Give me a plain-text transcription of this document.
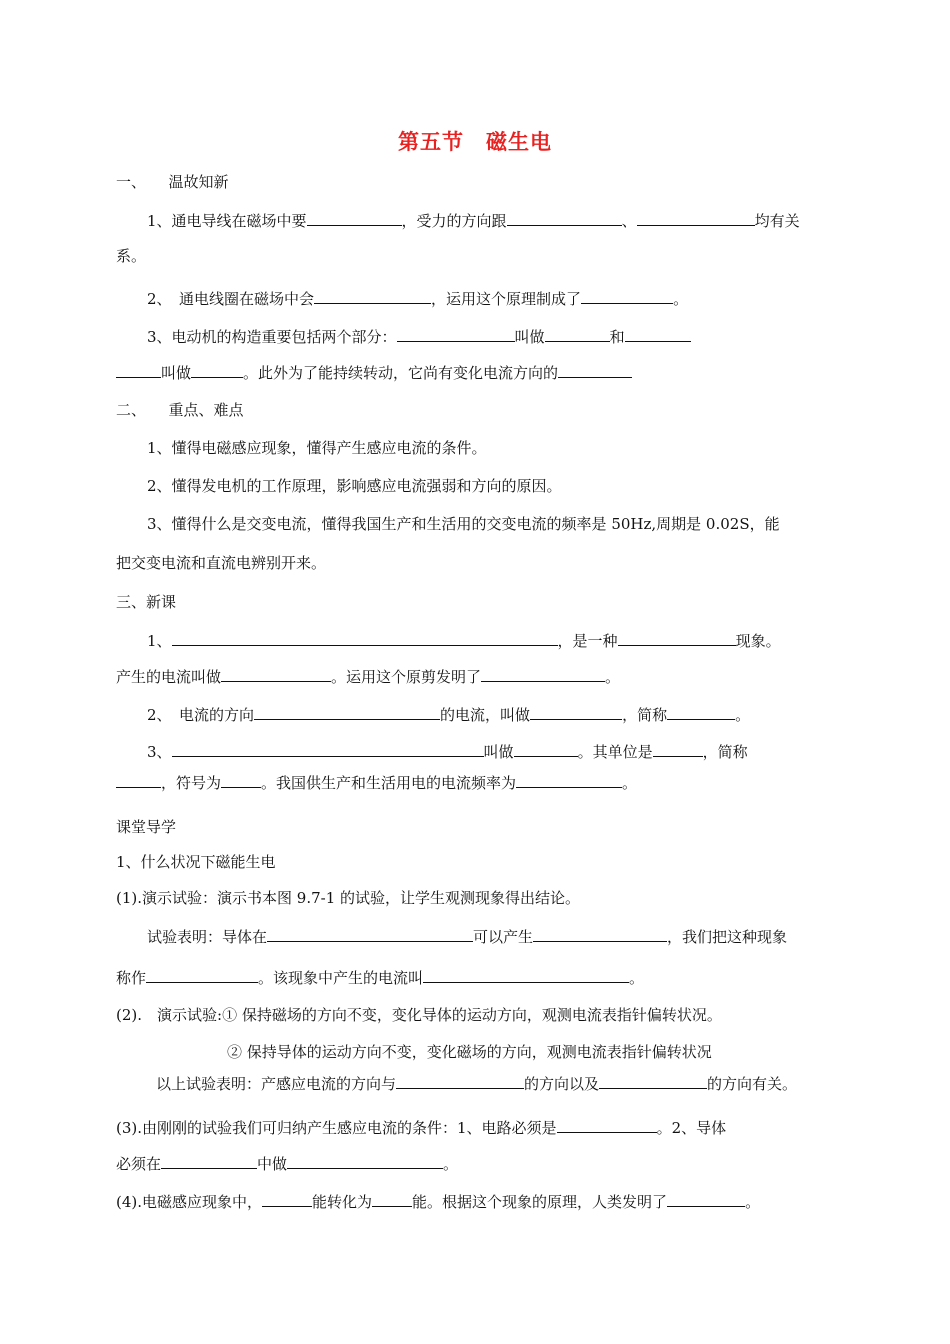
第五节　磁生电
一、　　温故知新
1、通电导线在磁场中要	，受力的方向跟	、	均有关
系。
2、　通电线圈在磁场中会	，运用这个原理制成了	。
3、电动机的构造重要包括两个部分：	叫做	和
叫做	。此外为了能持续转动，它尚有变化电流方向的
二、　　重点、难点
1、懂得电磁感应现象，懂得产生感应电流的条件。
2、懂得发电机的工作原理，影响感应电流强弱和方向的原因。
3、懂得什么是交变电流，懂得我国生产和生活用的交变电流的频率是 50Hz,周期是 0.02S，能
把交变电流和直流电辨别开来。
三、新课
1、	，是一种	现象。
产生的电流叫做	。运用这个原剪发明了	。
2、　电流的方向	的电流，叫做	，简称	。
3、	叫做	。其单位是	，简称
，符号为	。我国供生产和生活用电的电流频率为	。
课堂导学
1、什么状况下磁能生电
(1).演示试验：演示书本图 9.7-1 的试验，让学生观测现象得出结论。
试验表明：导体在	可以产生	，我们把这种现象
称作	。该现象中产生的电流叫	。
(2).　演示试验:① 保持磁场的方向不变，变化导体的运动方向，观测电流表指针偏转状况。
② 保持导体的运动方向不变，变化磁场的方向，观测电流表指针偏转状况
以上试验表明：产感应电流的方向与	的方向以及	的方向有关。
(3).由刚刚的试验我们可归纳产生感应电流的条件：1、电路必须是	。2、导体
必须在	中做	。
(4).电磁感应现象中，	能转化为	能。根据这个现象的原理，人类发明了	。
